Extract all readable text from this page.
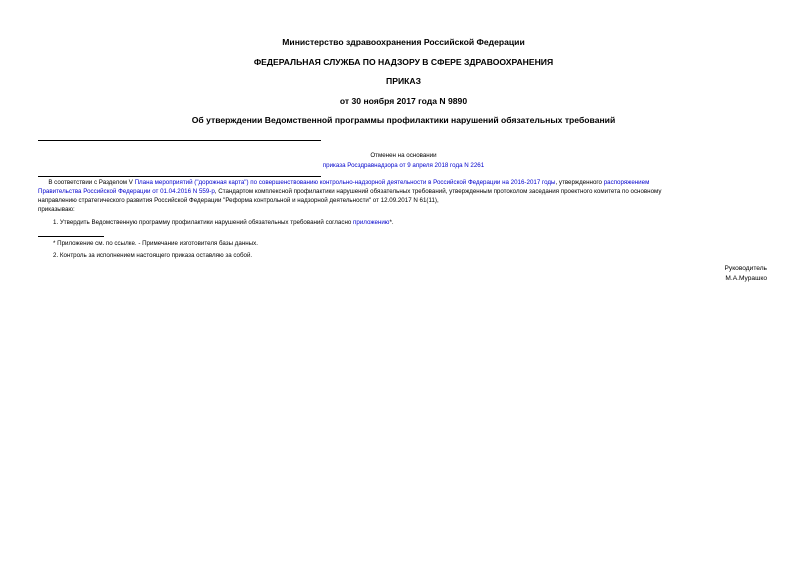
Министерство здравоохранения Российской Федерации
ФЕДЕРАЛЬНАЯ СЛУЖБА ПО НАДЗОРУ В СФЕРЕ ЗДРАВООХРАНЕНИЯ
ПРИКАЗ
от 30 ноября 2017 года N 9890
Об утверждении Ведомственной программы профилактики нарушений обязательных требований
Отменен на основании
приказа Росздравнадзора от 9 апреля 2018 года N 2261
В соответствии с Разделом V Плана мероприятий ("дорожная карта") по совершенствованию контрольно-надзорной деятельности в Российской Федерации на 2016-2017 годы, утвержденного распоряжением
Правительства Российской Федерации от 01.04.2016 N 559-р, Стандартом комплексной профилактики нарушений обязательных требований, утвержденным протоколом заседания проектного комитета по основному
направлению стратегического развития Российской Федерации "Реформа контрольной и надзорной деятельности" от 12.09.2017 N 61(11),
приказываю:
1. Утвердить Ведомственную программу профилактики нарушений обязательных требований согласно приложению*.
* Приложение см. по ссылке. - Примечание изготовителя базы данных.
2. Контроль за исполнением настоящего приказа оставляю за собой.
Руководитель
М.А.Мурашко
